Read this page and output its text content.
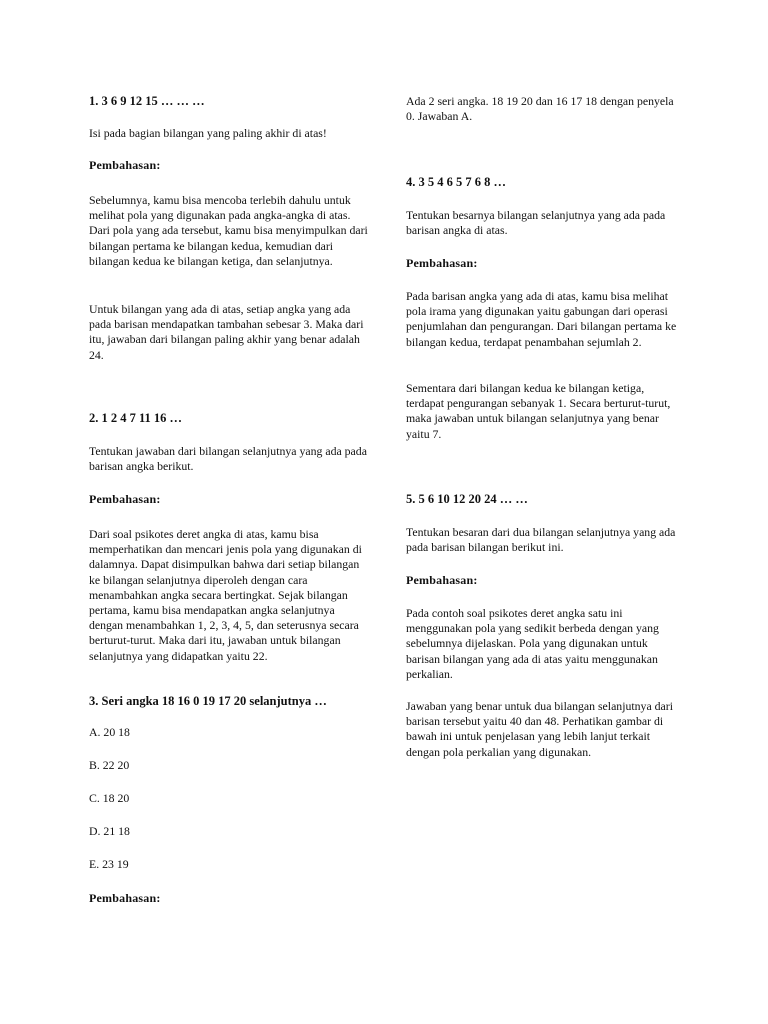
1. 3 6 9 12 15 … … …

Isi pada bagian bilangan yang paling akhir di atas!

Pembahasan:

Sebelumnya, kamu bisa mencoba terlebih dahulu untuk melihat pola yang digunakan pada angka-angka di atas. Dari pola yang ada tersebut, kamu bisa menyimpulkan dari bilangan pertama ke bilangan kedua, kemudian dari bilangan kedua ke bilangan ketiga, dan selanjutnya.

Untuk bilangan yang ada di atas, setiap angka yang ada pada barisan mendapatkan tambahan sebesar 3. Maka dari itu, jawaban dari bilangan paling akhir yang benar adalah 24.

2. 1 2 4 7 11 16 …

Tentukan jawaban dari bilangan selanjutnya yang ada pada barisan angka berikut.

Pembahasan:

Dari soal psikotes deret angka di atas, kamu bisa memperhatikan dan mencari jenis pola yang digunakan di dalamnya. Dapat disimpulkan bahwa dari setiap bilangan ke bilangan selanjutnya diperoleh dengan cara menambahkan angka secara bertingkat. Sejak bilangan pertama, kamu bisa mendapatkan angka selanjutnya dengan menambahkan 1, 2, 3, 4, 5, dan seterusnya secara berturut-turut. Maka dari itu, jawaban untuk bilangan selanjutnya yang didapatkan yaitu 22.

3. Seri angka 18 16 0 19 17 20 selanjutnya …

A. 20 18

B. 22 20

C. 18 20

D. 21 18

E. 23 19

Pembahasan:

Ada 2 seri angka. 18 19 20 dan 16 17 18 dengan penyela 0. Jawaban A.

4. 3 5 4 6 5 7 6 8 …

Tentukan besarnya bilangan selanjutnya yang ada pada barisan angka di atas.

Pembahasan:

Pada barisan angka yang ada di atas, kamu bisa melihat pola irama yang digunakan yaitu gabungan dari operasi penjumlahan dan pengurangan. Dari bilangan pertama ke bilangan kedua, terdapat penambahan sejumlah 2.

Sementara dari bilangan kedua ke bilangan ketiga, terdapat pengurangan sebanyak 1. Secara berturut-turut, maka jawaban untuk bilangan selanjutnya yang benar yaitu 7.

5. 5 6 10 12 20 24 … …

Tentukan besaran dari dua bilangan selanjutnya yang ada pada barisan bilangan berikut ini.

Pembahasan:

Pada contoh soal psikotes deret angka satu ini menggunakan pola yang sedikit berbeda dengan yang sebelumnya dijelaskan. Pola yang digunakan untuk barisan bilangan yang ada di atas yaitu menggunakan perkalian.

Jawaban yang benar untuk dua bilangan selanjutnya dari barisan tersebut yaitu 40 dan 48. Perhatikan gambar di bawah ini untuk penjelasan yang lebih lanjut terkait dengan pola perkalian yang digunakan.
